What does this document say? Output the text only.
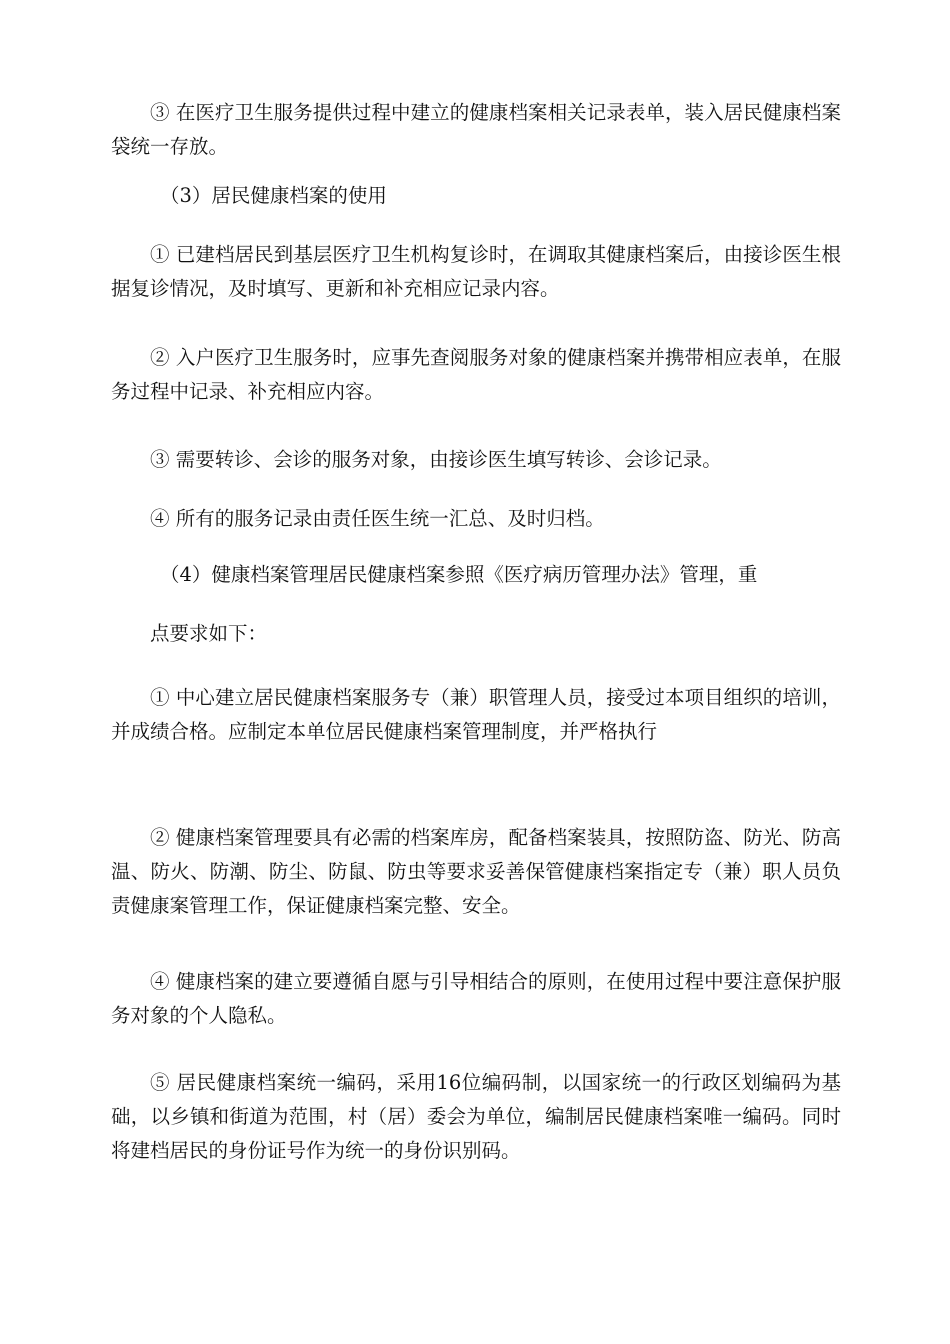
③ 在医疗卫生服务提供过程中建立的健康档案相关记录表单，装入居民健康档案袋统一存放。

（3）居民健康档案的使用

① 已建档居民到基层医疗卫生机构复诊时，在调取其健康档案后，由接诊医生根据复诊情况，及时填写、更新和补充相应记录内容。

② 入户医疗卫生服务时，应事先查阅服务对象的健康档案并携带相应表单，在服务过程中记录、补充相应内容。

③ 需要转诊、会诊的服务对象，由接诊医生填写转诊、会诊记录。

④ 所有的服务记录由责任医生统一汇总、及时归档。

（4）健康档案管理居民健康档案参照《医疗病历管理办法》管理，重

点要求如下：

① 中心建立居民健康档案服务专（兼）职管理人员，接受过本项目组织的培训，并成绩合格。应制定本单位居民健康档案管理制度，并严格执行

② 健康档案管理要具有必需的档案库房，配备档案装具，按照防盗、防光、防高温、防火、防潮、防尘、防鼠、防虫等要求妥善保管健康档案指定专（兼）职人员负责健康案管理工作，保证健康档案完整、安全。

④ 健康档案的建立要遵循自愿与引导相结合的原则，在使用过程中要注意保护服务对象的个人隐私。

⑤ 居民健康档案统一编码，采用16位编码制，以国家统一的行政区划编码为基础，以乡镇和街道为范围，村（居）委会为单位，编制居民健康档案唯一编码。同时将建档居民的身份证号作为统一的身份识别码。
